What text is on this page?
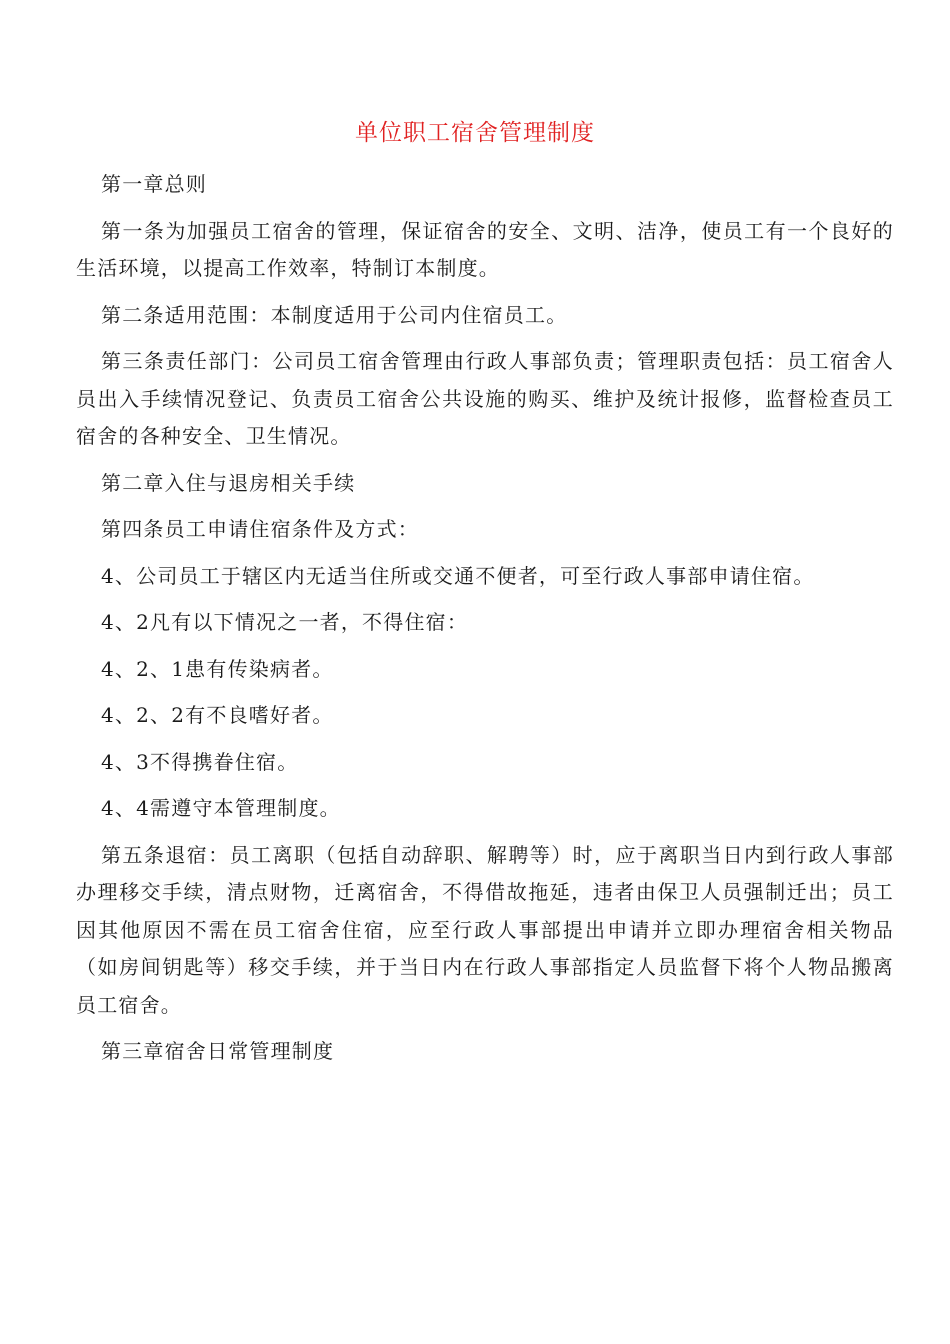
单位职工宿舍管理制度

第一章总则

第一条为加强员工宿舍的管理，保证宿舍的安全、文明、洁净，使员工有一个良好的生活环境，以提高工作效率，特制订本制度。

第二条适用范围：本制度适用于公司内住宿员工。

第三条责任部门：公司员工宿舍管理由行政人事部负责；管理职责包括：员工宿舍人员出入手续情况登记、负责员工宿舍公共设施的购买、维护及统计报修，监督检查员工宿舍的各种安全、卫生情况。

第二章入住与退房相关手续

第四条员工申请住宿条件及方式：

4、公司员工于辖区内无适当住所或交通不便者，可至行政人事部申请住宿。

4、2凡有以下情况之一者，不得住宿：

4、2、1患有传染病者。

4、2、2有不良嗜好者。

4、3不得携眷住宿。

4、4需遵守本管理制度。

第五条退宿：员工离职（包括自动辞职、解聘等）时，应于离职当日内到行政人事部办理移交手续，清点财物，迁离宿舍，不得借故拖延，违者由保卫人员强制迁出；员工因其他原因不需在员工宿舍住宿，应至行政人事部提出申请并立即办理宿舍相关物品（如房间钥匙等）移交手续，并于当日内在行政人事部指定人员监督下将个人物品搬离员工宿舍。

第三章宿舍日常管理制度
